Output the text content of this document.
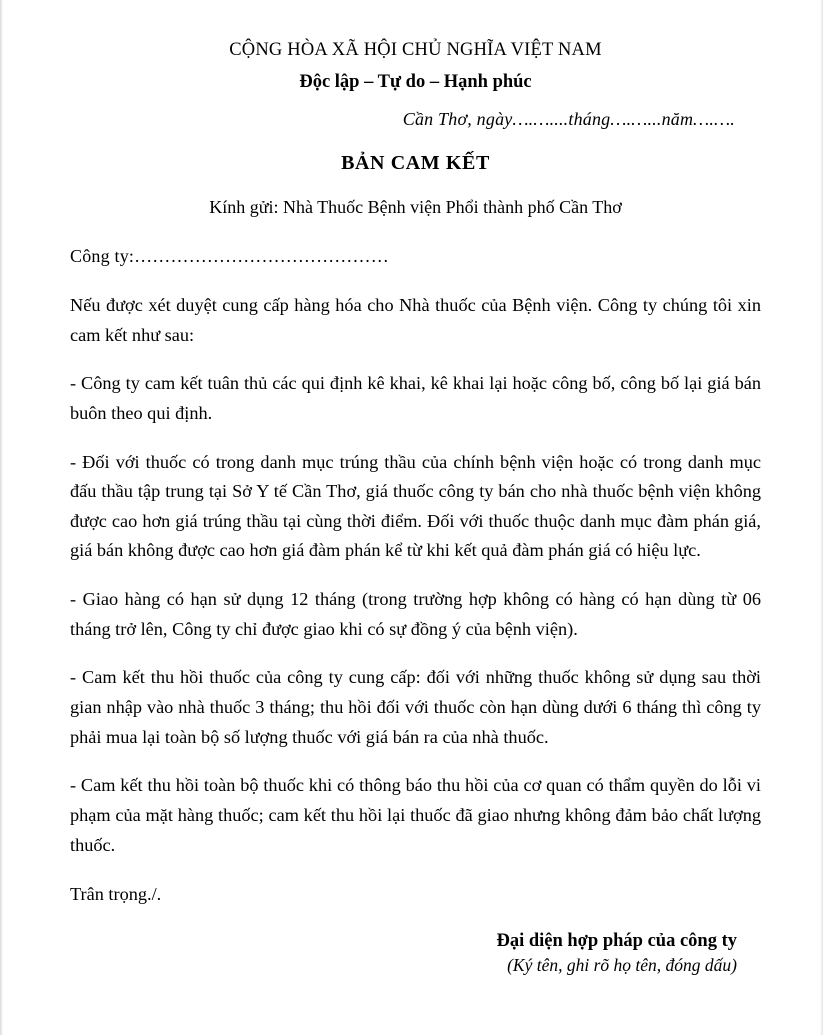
CỘNG HÒA XÃ HỘI CHỦ NGHĨA VIỆT NAM
Độc lập – Tự do – Hạnh phúc
Cần Thơ, ngày….…....tháng….…...năm….….
BẢN CAM KẾT
Kính gửi: Nhà Thuốc Bệnh viện Phổi thành phố Cần Thơ
Công ty:……………………………………
Nếu được xét duyệt cung cấp hàng hóa cho Nhà thuốc của Bệnh viện. Công ty chúng tôi xin cam kết như sau:
- Công ty cam kết tuân thủ các qui định kê khai, kê khai lại hoặc công bố, công bố lại giá bán buôn theo qui định.
- Đối với thuốc có trong danh mục trúng thầu của chính bệnh viện hoặc có trong danh mục đấu thầu tập trung tại Sở Y tế Cần Thơ, giá thuốc công ty bán cho nhà thuốc bệnh viện không được cao hơn giá trúng thầu tại cùng thời điểm. Đối với thuốc thuộc danh mục đàm phán giá, giá bán không được cao hơn giá đàm phán kể từ khi kết quả đàm phán giá có hiệu lực.
- Giao hàng có hạn sử dụng 12 tháng (trong trường hợp không có hàng có hạn dùng từ 06 tháng trở lên, Công ty chỉ được giao khi có sự đồng ý của bệnh viện).
- Cam kết thu hồi thuốc của công ty cung cấp: đối với những thuốc không sử dụng sau thời gian nhập vào nhà thuốc 3 tháng; thu hồi đối với thuốc còn hạn dùng dưới 6 tháng thì công ty phải mua lại toàn bộ số lượng thuốc với giá bán ra của nhà thuốc.
- Cam kết thu hồi toàn bộ thuốc khi có thông báo thu hồi của cơ quan có thẩm quyền do lỗi vi phạm của mặt hàng thuốc; cam kết thu hồi lại thuốc đã giao nhưng không đảm bảo chất lượng thuốc.
Trân trọng./.
Đại diện hợp pháp của công ty
(Ký tên, ghi rõ họ tên, đóng dấu)
